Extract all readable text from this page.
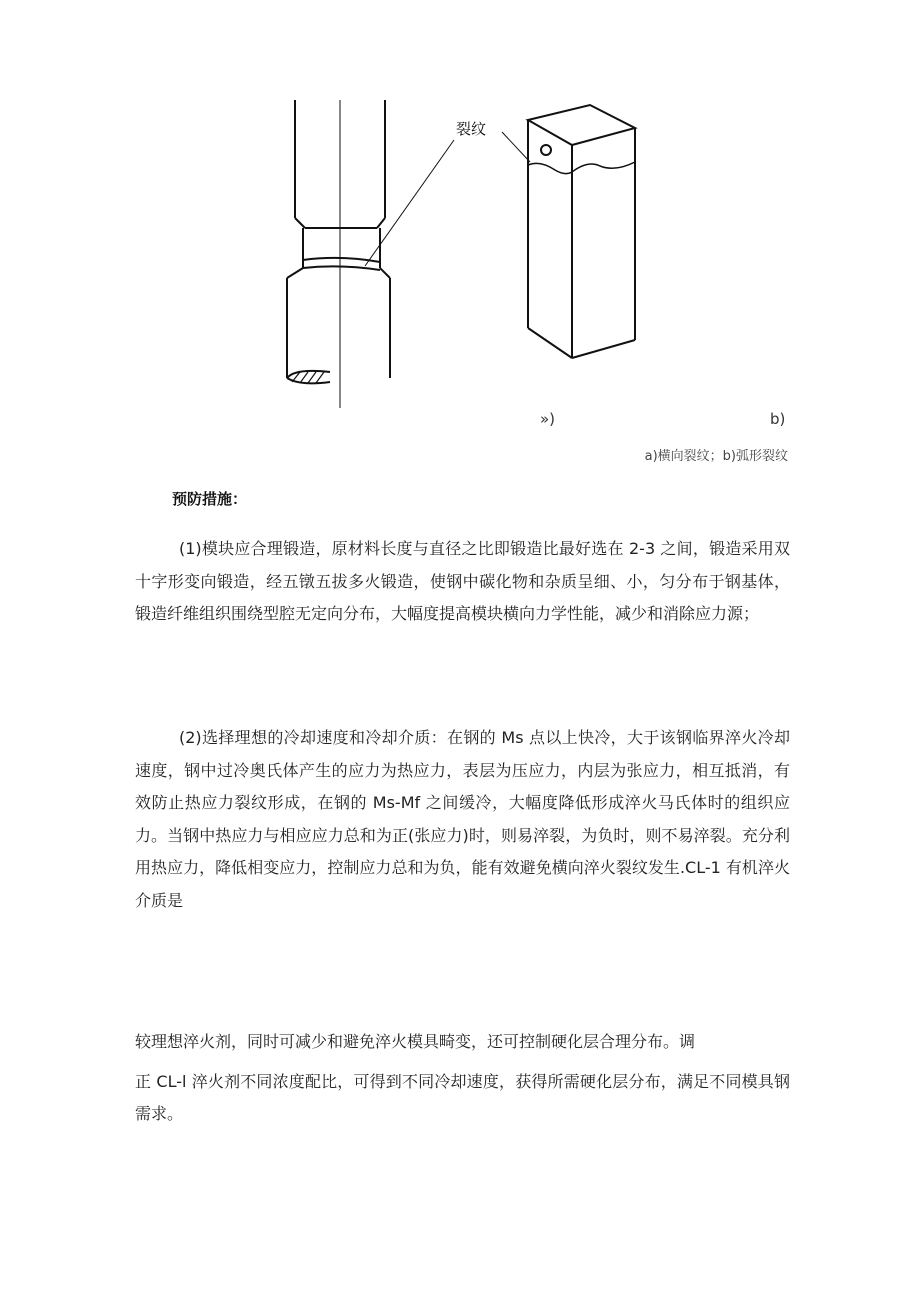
裂纹
»)	b)
a)横向裂纹；b)弧形裂纹
预防措施：
(1)模块应合理锻造，原材料长度与直径之比即锻造比最好选在 2-3 之间，锻造采用双十字形变向锻造，经五镦五拔多火锻造，使钢中碳化物和杂质呈细、小，匀分布于钢基体，锻造纤维组织围绕型腔无定向分布，大幅度提高模块横向力学性能，减少和消除应力源；
(2)选择理想的冷却速度和冷却介质：在钢的 Ms 点以上快冷，大于该钢临界淬火冷却速度，钢中过冷奥氏体产生的应力为热应力，表层为压应力，内层为张应力，相互抵消，有效防止热应力裂纹形成，在钢的 Ms-Mf 之间缓冷，大幅度降低形成淬火马氏体时的组织应力。当钢中热应力与相应应力总和为正(张应力)时，则易淬裂，为负时，则不易淬裂。充分利用热应力，降低相变应力，控制应力总和为负，能有效避免横向淬火裂纹发生.CL-1 有机淬火介质是
较理想淬火剂，同时可减少和避免淬火模具畸变，还可控制硬化层合理分布。调
正 CL-l 淬火剂不同浓度配比，可得到不同冷却速度，获得所需硬化层分布，满足不同模具钢需求。
